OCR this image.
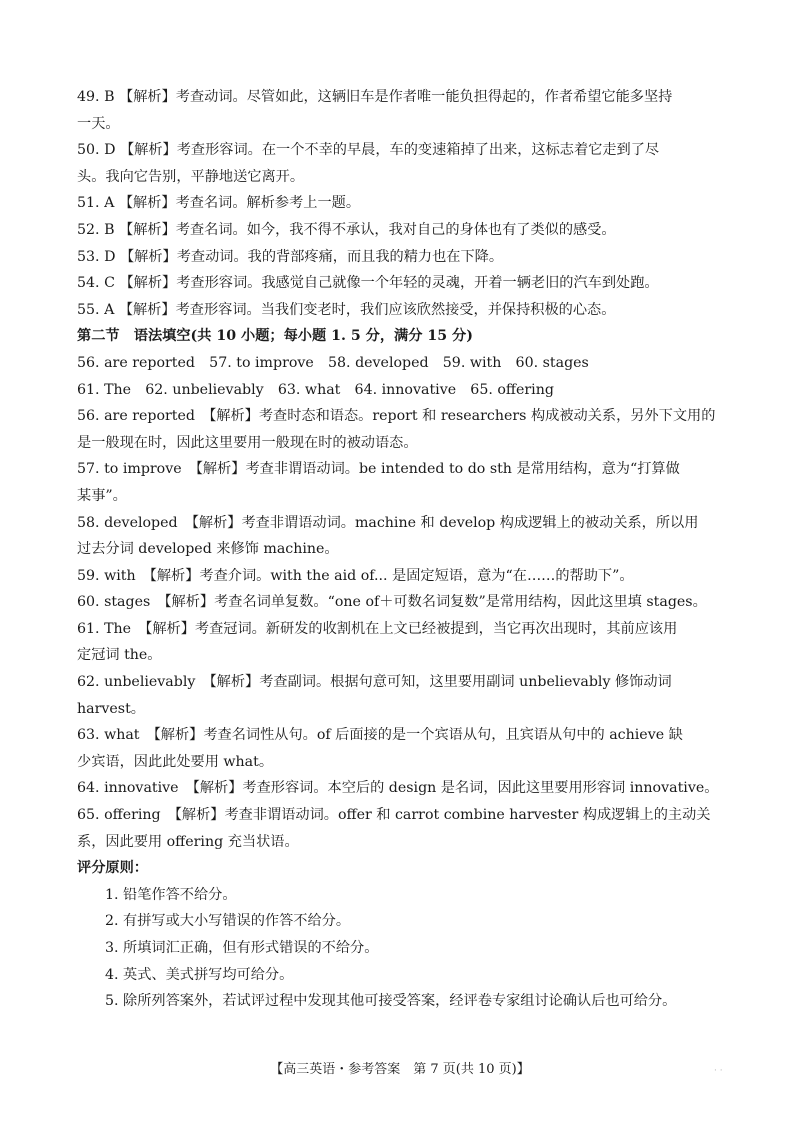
49. B 【解析】考查动词。尽管如此，这辆旧车是作者唯一能负担得起的，作者希望它能多坚持
一天。
50. D 【解析】考查形容词。在一个不幸的早晨，车的变速箱掉了出来，这标志着它走到了尽
头。我向它告别，平静地送它离开。
51. A 【解析】考查名词。解析参考上一题。
52. B 【解析】考查名词。如今，我不得不承认，我对自己的身体也有了类似的感受。
53. D 【解析】考查动词。我的背部疼痛，而且我的精力也在下降。
54. C 【解析】考查形容词。我感觉自己就像一个年轻的灵魂，开着一辆老旧的汽车到处跑。
55. A 【解析】考查形容词。当我们变老时，我们应该欣然接受，并保持积极的心态。
第二节　语法填空(共 10 小题；每小题 1. 5 分，满分 15 分)
56. are reported　57. to improve　58. developed　59. with　60. stages
61. The　62. unbelievably　63. what　64. innovative　65. offering
56. are reported　【解析】考查时态和语态。report 和 researchers 构成被动关系，另外下文用的
是一般现在时，因此这里要用一般现在时的被动语态。
57. to improve　【解析】考查非谓语动词。be intended to do sth 是常用结构，意为“打算做
某事”。
58. developed　【解析】考查非谓语动词。machine 和 develop 构成逻辑上的被动关系，所以用
过去分词 developed 来修饰 machine。
59. with　【解析】考查介词。with the aid of... 是固定短语，意为“在……的帮助下”。
60. stages　【解析】考查名词单复数。“one of＋可数名词复数”是常用结构，因此这里填 stages。
61. The　【解析】考查冠词。新研发的收割机在上文已经被提到，当它再次出现时，其前应该用
定冠词 the。
62. unbelievably　【解析】考查副词。根据句意可知，这里要用副词 unbelievably 修饰动词
harvest。
63. what　【解析】考查名词性从句。of 后面接的是一个宾语从句，且宾语从句中的 achieve 缺
少宾语，因此此处要用 what。
64. innovative　【解析】考查形容词。本空后的 design 是名词，因此这里要用形容词 innovative。
65. offering　【解析】考查非谓语动词。offer 和 carrot combine harvester 构成逻辑上的主动关
系，因此要用 offering 充当状语。
评分原则：
1. 铅笔作答不给分。
2. 有拼写或大小写错误的作答不给分。
3. 所填词汇正确，但有形式错误的不给分。
4. 英式、美式拼写均可给分。
5. 除所列答案外，若试评过程中发现其他可接受答案，经评卷专家组讨论确认后也可给分。
【高三英语・参考答案　第 7 页(共 10 页)】	· ·
